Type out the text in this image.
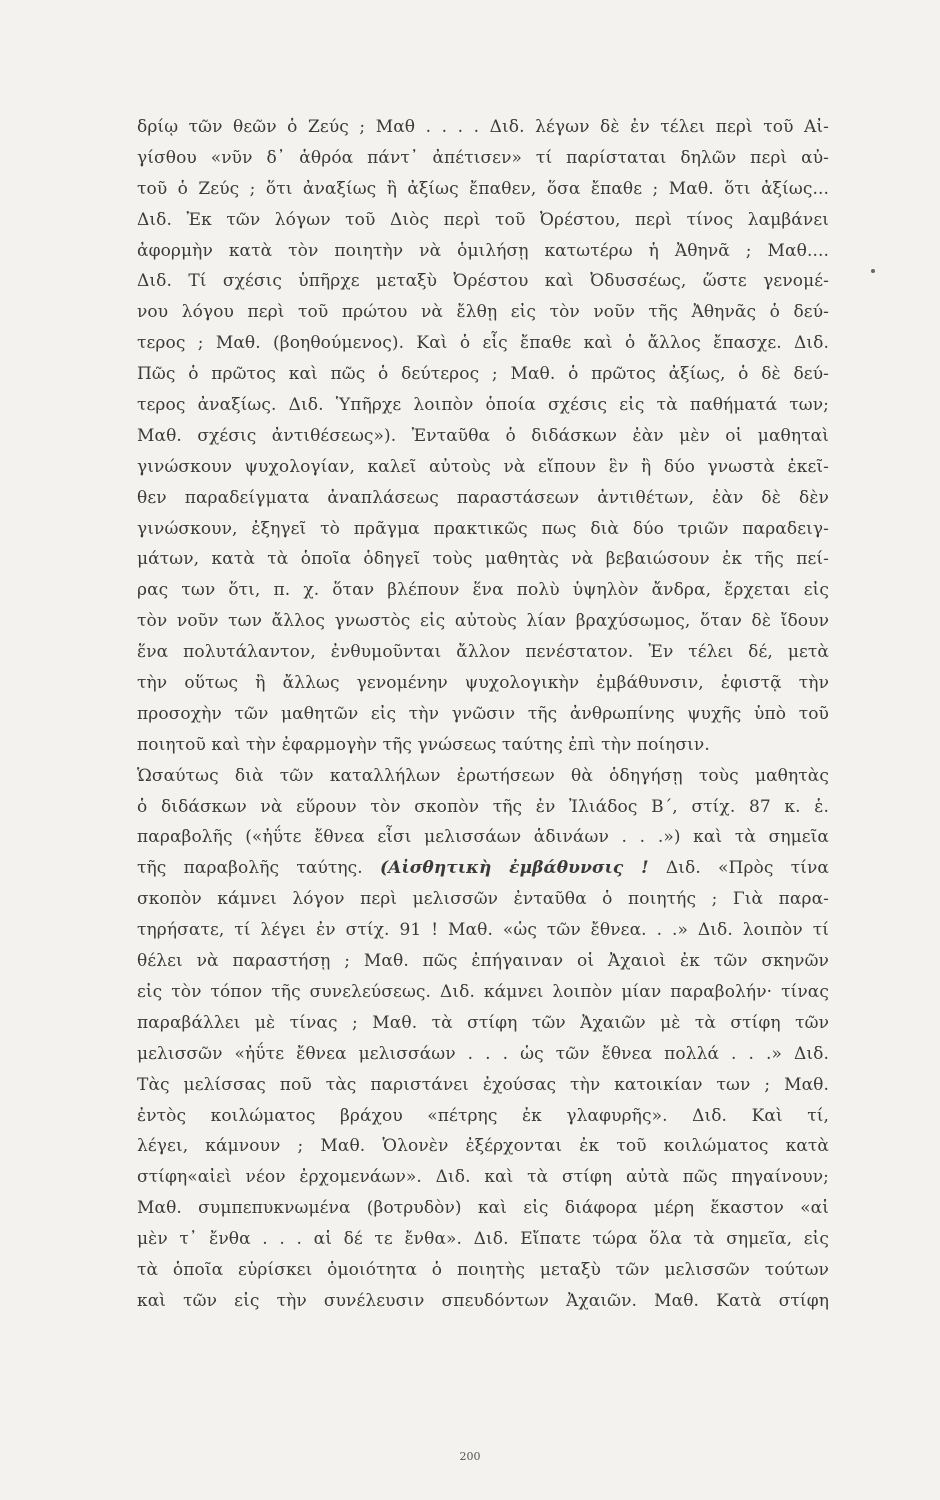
δρίῳ τῶν θεῶν ὁ Ζεύς ; Μαθ . . . . Διδ. λέγων δὲ ἐν τέλει περὶ τοῦ Αἰ-
γίσθου «νῦν δ᾽ ἁθρόα πάντ᾽ ἀπέτισεν» τί παρίσταται δηλῶν περὶ αὐ-
τοῦ ὁ Ζεύς ; ὅτι ἀναξίως ἢ ἀξίως ἔπαθεν, ὅσα ἔπαθε ; Μαθ. ὅτι ἀξίως...
Διδ. Ἐκ τῶν λόγων τοῦ Διὸς περὶ τοῦ Ὀρέστου, περὶ τίνος λαμβάνει
ἀφορμὴν κατὰ τὸν ποιητὴν νὰ ὁμιλήσῃ κατωτέρω ἡ Ἀθηνᾶ ; Μαθ....
Διδ. Τί σχέσις ὑπῆρχε μεταξὺ Ὀρέστου καὶ Ὀδυσσέως, ὥστε γενομέ-
νου λόγου περὶ τοῦ πρώτου νὰ ἔλθῃ εἰς τὸν νοῦν τῆς Ἀθηνᾶς ὁ δεύ-
τερος ; Μαθ. (βοηθούμενος). Καὶ ὁ εἷς ἔπαθε καὶ ὁ ἄλλος ἔπασχε. Διδ.
Πῶς ὁ πρῶτος καὶ πῶς ὁ δεύτερος ; Μαθ. ὁ πρῶτος ἀξίως, ὁ δὲ δεύ-
τερος ἀναξίως. Διδ. Ὑπῆρχε λοιπὸν ὁποία σχέσις εἰς τὰ παθήματά των;
Μαθ. σχέσις ἀντιθέσεως»). Ἐνταῦθα ὁ διδάσκων ἐὰν μὲν οἱ μαθηταὶ
γινώσκουν ψυχολογίαν, καλεῖ αὐτοὺς νὰ εἴπουν ἓν ἢ δύο γνωστὰ ἐκεῖ-
θεν παραδείγματα ἀναπλάσεως παραστάσεων ἀντιθέτων, ἐὰν δὲ δὲν
γινώσκουν, ἐξηγεῖ τὸ πρᾶγμα πρακτικῶς πως διὰ δύο τριῶν παραδειγ-
μάτων, κατὰ τὰ ὁποῖα ὁδηγεῖ τοὺς μαθητὰς νὰ βεβαιώσουν ἐκ τῆς πεί-
ρας των ὅτι, π. χ. ὅταν βλέπουν ἕνα πολὺ ὑψηλὸν ἄνδρα, ἔρχεται εἰς
τὸν νοῦν των ἄλλος γνωστὸς εἰς αὐτοὺς λίαν βραχύσωμος, ὅταν δὲ ἴδουν
ἕνα πολυτάλαντον, ἐνθυμοῦνται ἄλλον πενέστατον. Ἐν τέλει δέ, μετὰ
τὴν οὕτως ἢ ἄλλως γενομένην ψυχολογικὴν ἐμβάθυνσιν, ἐφιστᾷ τὴν
προσοχὴν τῶν μαθητῶν εἰς τὴν γνῶσιν τῆς ἀνθρωπίνης ψυχῆς ὑπὸ τοῦ
ποιητοῦ καὶ τὴν ἐφαρμογὴν τῆς γνώσεως ταύτης ἐπὶ τὴν ποίησιν.
Ὡσαύτως διὰ τῶν καταλλήλων ἐρωτήσεων θὰ ὁδηγήσῃ τοὺς μαθητὰς
ὁ διδάσκων νὰ εὕρουν τὸν σκοπὸν τῆς ἐν Ἰλιάδος Β΄, στίχ. 87 κ. ἑ.
παραβολῆς («ἠΰτε ἔθνεα εἶσι μελισσάων ἁδινάων . . .») καὶ τὰ σημεῖα
τῆς παραβολῆς ταύτης. (Αἰσθητικὴ ἐμβάθυνσις ! Διδ. «Πρὸς τίνα
σκοπὸν κάμνει λόγον περὶ μελισσῶν ἐνταῦθα ὁ ποιητής ; Γιὰ παρα-
τηρήσατε, τί λέγει ἐν στίχ. 91 ! Μαθ. «ὡς τῶν ἔθνεα. . .» Διδ. λοιπὸν τί
θέλει νὰ παραστήσῃ ; Μαθ. πῶς ἐπήγαιναν οἱ Ἀχαιοὶ ἐκ τῶν σκηνῶν
εἰς τὸν τόπον τῆς συνελεύσεως. Διδ. κάμνει λοιπὸν μίαν παραβολήν· τίνας
παραβάλλει μὲ τίνας ; Μαθ. τὰ στίφη τῶν Ἀχαιῶν μὲ τὰ στίφη τῶν
μελισσῶν «ἠΰτε ἔθνεα μελισσάων . . . ὡς τῶν ἔθνεα πολλά . . .» Διδ.
Τὰς μελίσσας ποῦ τὰς παριστάνει ἐχούσας τὴν κατοικίαν των ; Μαθ.
ἐντὸς κοιλώματος βράχου «πέτρης ἐκ γλαφυρῆς». Διδ. Καὶ τί,
λέγει, κάμνουν ; Μαθ. Ὁλονὲν ἐξέρχονται ἐκ τοῦ κοιλώματος κατὰ
στίφη«αἰεὶ νέον ἐρχομενάων». Διδ. καὶ τὰ στίφη αὐτὰ πῶς πηγαίνουν;
Μαθ. συμπεπυκνωμένα (βοτρυδὸν) καὶ εἰς διάφορα μέρη ἕκαστον «αἱ
μὲν τ᾽ ἔνθα . . . αἱ δέ τε ἔνθα». Διδ. Εἴπατε τώρα ὅλα τὰ σημεῖα, εἰς
τὰ ὁποῖα εὑρίσκει ὁμοιότητα ὁ ποιητὴς μεταξὺ τῶν μελισσῶν τούτων
καὶ τῶν εἰς τὴν συνέλευσιν σπευδόντων Ἀχαιῶν. Μαθ. Κατὰ στίφη
200
